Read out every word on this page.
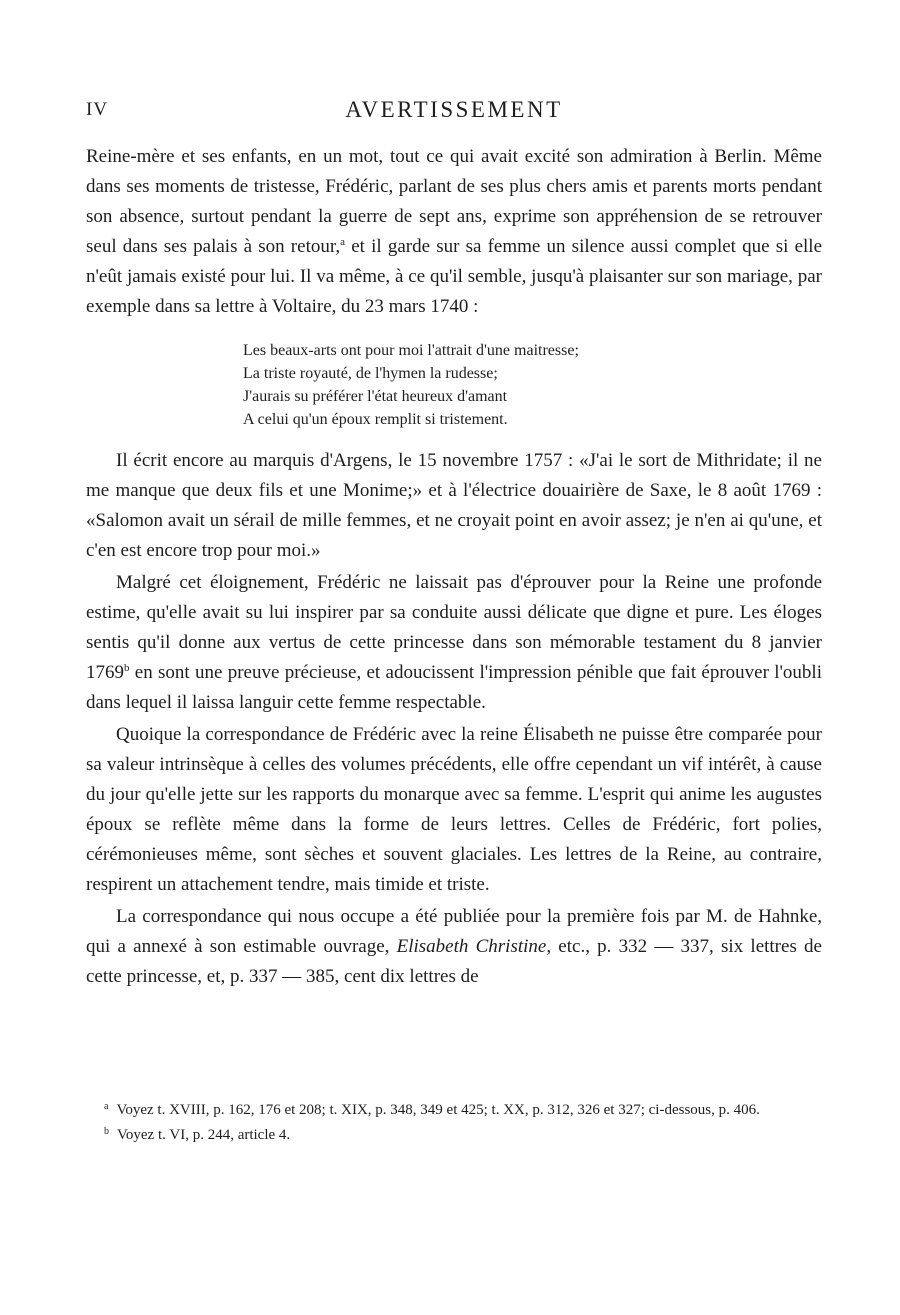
IV	AVERTISSEMENT

Reine-mère et ses enfants, en un mot, tout ce qui avait excité son admiration à Berlin. Même dans ses moments de tristesse, Frédéric, parlant de ses plus chers amis et parents morts pendant son absence, surtout pendant la guerre de sept ans, exprime son appréhension de se retrouver seul dans ses palais à son retour,$^a$ et il garde sur sa femme un silence aussi complet que si elle n'eût jamais existé pour lui. Il va même, à ce qu'il semble, jusqu'à plaisanter sur son mariage, par exemple dans sa lettre à Voltaire, du 23 mars 1740 :

Les beaux-arts ont pour moi l'attrait d'une maitresse;
La triste royauté, de l'hymen la rudesse;
J'aurais su préférer l'état heureux d'amant
A celui qu'un époux remplit si tristement.

Il écrit encore au marquis d'Argens, le 15 novembre 1757 : «J'ai le sort de Mithridate; il ne me manque que deux fils et une Monime;» et à l'électrice douairière de Saxe, le 8 août 1769 : «Salomon avait un sérail de mille femmes, et ne croyait point en avoir assez; je n'en ai qu'une, et c'en est encore trop pour moi.»

Malgré cet éloignement, Frédéric ne laissait pas d'éprouver pour la Reine une profonde estime, qu'elle avait su lui inspirer par sa conduite aussi délicate que digne et pure. Les éloges sentis qu'il donne aux vertus de cette princesse dans son mémorable testament du 8 janvier 1769$^b$ en sont une preuve précieuse, et adoucissent l'impression pénible que fait éprouver l'oubli dans lequel il laissa languir cette femme respectable.

Quoique la correspondance de Frédéric avec la reine Élisabeth ne puisse être comparée pour sa valeur intrinsèque à celles des volumes précédents, elle offre cependant un vif intérêt, à cause du jour qu'elle jette sur les rapports du monarque avec sa femme. L'esprit qui anime les augustes époux se reflète même dans la forme de leurs lettres. Celles de Frédéric, fort polies, cérémonieuses même, sont sèches et souvent glaciales. Les lettres de la Reine, au contraire, respirent un attachement tendre, mais timide et triste.

La correspondance qui nous occupe a été publiée pour la première fois par M. de Hahnke, qui a annexé à son estimable ouvrage, Elisabeth Christine, etc., p. 332 — 337, six lettres de cette princesse, et, p. 337 — 385, cent dix lettres de

$^a$ Voyez t. XVIII, p. 162, 176 et 208; t. XIX, p. 348, 349 et 425; t. XX, p. 312, 326 et 327; ci-dessous, p. 406.

$^b$ Voyez t. VI, p. 244, article 4.
